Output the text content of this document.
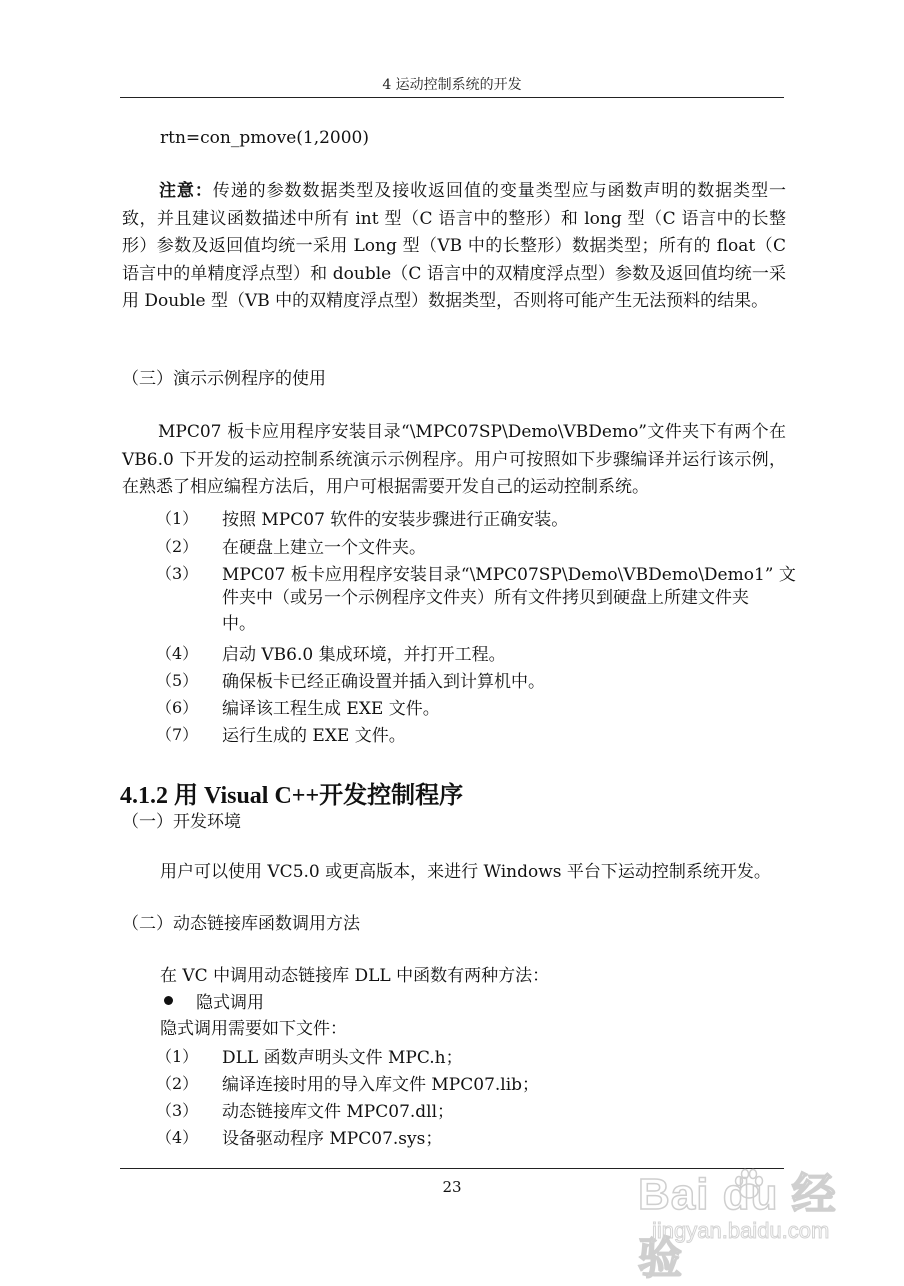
4 运动控制系统的开发
rtn=con_pmove(1,2000)
注意：传递的参数数据类型及接收返回值的变量类型应与函数声明的数据类型一致，并且建议函数描述中所有 int 型（C 语言中的整形）和 long 型（C 语言中的长整形）参数及返回值均统一采用 Long 型（VB 中的长整形）数据类型；所有的 float（C 语言中的单精度浮点型）和 double（C 语言中的双精度浮点型）参数及返回值均统一采用 Double 型（VB 中的双精度浮点型）数据类型，否则将可能产生无法预料的结果。
（三）演示示例程序的使用
MPC07 板卡应用程序安装目录“\MPC07SP\Demo\VBDemo”文件夹下有两个在 VB6.0 下开发的运动控制系统演示示例程序。用户可按照如下步骤编译并运行该示例，在熟悉了相应编程方法后，用户可根据需要开发自己的运动控制系统。
（1） 按照 MPC07 软件的安装步骤进行正确安装。
（2） 在硬盘上建立一个文件夹。
（3） MPC07 板卡应用程序安装目录“\MPC07SP\Demo\VBDemo\Demo1” 文
件夹中（或另一个示例程序文件夹）所有文件拷贝到硬盘上所建文件夹
中。
（4） 启动 VB6.0 集成环境，并打开工程。
（5） 确保板卡已经正确设置并插入到计算机中。
（6） 编译该工程生成 EXE 文件。
（7） 运行生成的 EXE 文件。
4.1.2 用 Visual C++开发控制程序
（一）开发环境
用户可以使用 VC5.0 或更高版本，来进行 Windows 平台下运动控制系统开发。
（二）动态链接库函数调用方法
在 VC 中调用动态链接库 DLL 中函数有两种方法：
隐式调用
隐式调用需要如下文件：
（1） DLL 函数声明头文件 MPC.h；
（2） 编译连接时用的导入库文件 MPC07.lib；
（3） 动态链接库文件 MPC07.dll；
（4） 设备驱动程序 MPC07.sys；
23	Bai du 经验
jingyan.baidu.com
